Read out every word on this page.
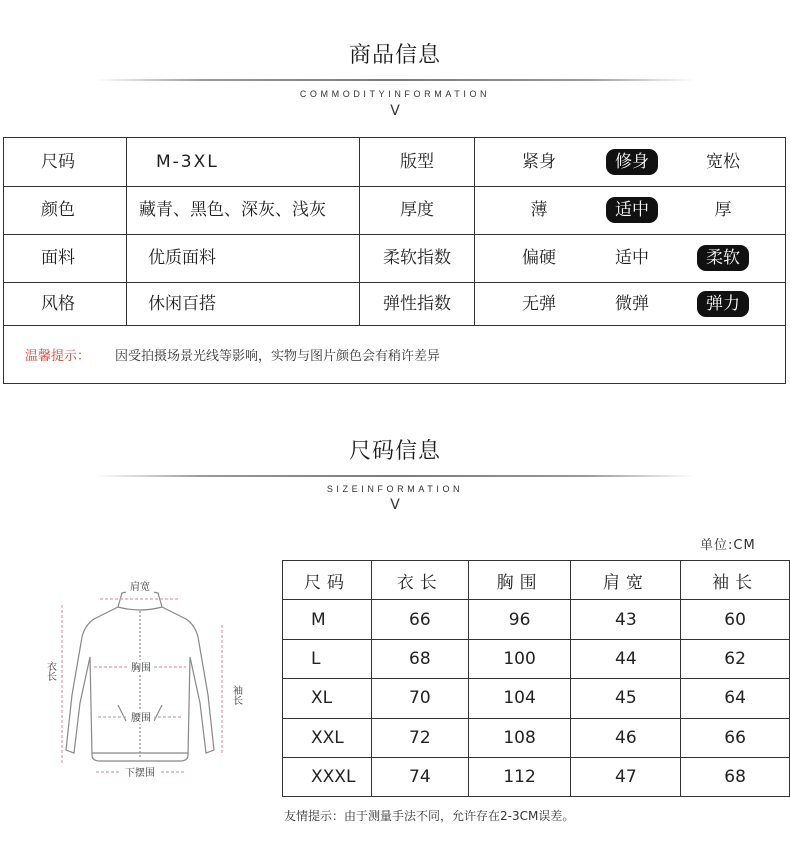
商品信息
COMMODITYINFORMATION
V
尺码	M-3XL	版型	紧身	修身	宽松
颜色	藏青、黑色、深灰、浅灰	厚度	薄	适中	厚
面料	优质面料	柔软指数	偏硬	适中	柔软
风格	休闲百搭	弹性指数	无弹	微弹	弹力
温馨提示： 因受拍摄场景光线等影响，实物与图片颜色会有稍许差异
尺码信息
SIZEINFORMATION
V
单位:CM
肩宽
胸围
腰围
下摆围
衣长
袖长
尺码	衣长	胸围	肩宽	袖长
M	66	96	43	60
L	68	100	44	62
XL	70	104	45	64
XXL	72	108	46	66
XXXL	74	112	47	68
友情提示：由于测量手法不同，允许存在2-3CM误差。
